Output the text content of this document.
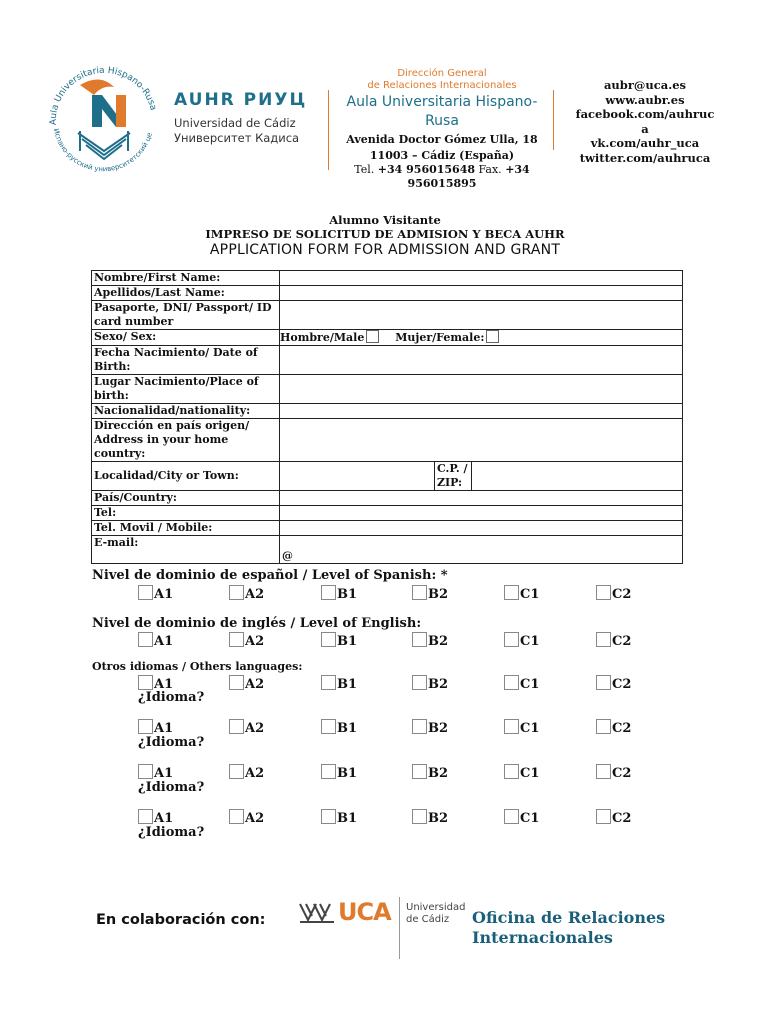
Aula Universitaria Hispano-Rusa
Испано-русский университетский це
AUHR РИУЦ
Universidad de Cádiz
Университет Кадиса
Dirección General
de Relaciones Internacionales
Aula Universitaria Hispano-Rusa
Avenida Doctor Gómez Ulla, 18
11003 – Cádiz (España)
Tel. +34 956015648 Fax. +34 956015895
aubr@uca.es
www.aubr.es
facebook.com/auhruc
a
vk.com/auhr_uca
twitter.com/auhruca
Alumno Visitante
IMPRESO DE SOLICITUD DE ADMISION Y BECA AUHR
APPLICATION FORM FOR ADMISSION AND GRANT
Nombre/First Name:		
Apellidos/Last Name:		
Pasaporte, DNI/ Passport/ ID card number		
Sexo/ Sex:	Hombre/Male Mujer/Female:	
Fecha Nacimiento/ Date of Birth:		
Lugar Nacimiento/Place of birth:		
Nacionalidad/nationality:		
Dirección en país origen/ Address in your home country:		
Localidad/City or Town:		C.P. / ZIP:

País/Country:		
Tel:		
Tel. Movil / Mobile:		
E-mail:	@	
Nivel de dominio de español / Level of Spanish: *
A1	A2	B1	B2	C1	C2
Nivel de dominio de inglés / Level of English:
A1	A2	B1	B2	C1	C2
Otros idiomas / Others languages:
A1	A2	B1	B2	C1	C2
¿Idioma?
A1	A2	B1	B2	C1	C2
¿Idioma?
A1	A2	B1	B2	C1	C2
¿Idioma?
A1	A2	B1	B2	C1	C2
¿Idioma?
En colaboración con:	UCA Universidad
de Cádiz	Oficina de Relaciones
Internacionales
